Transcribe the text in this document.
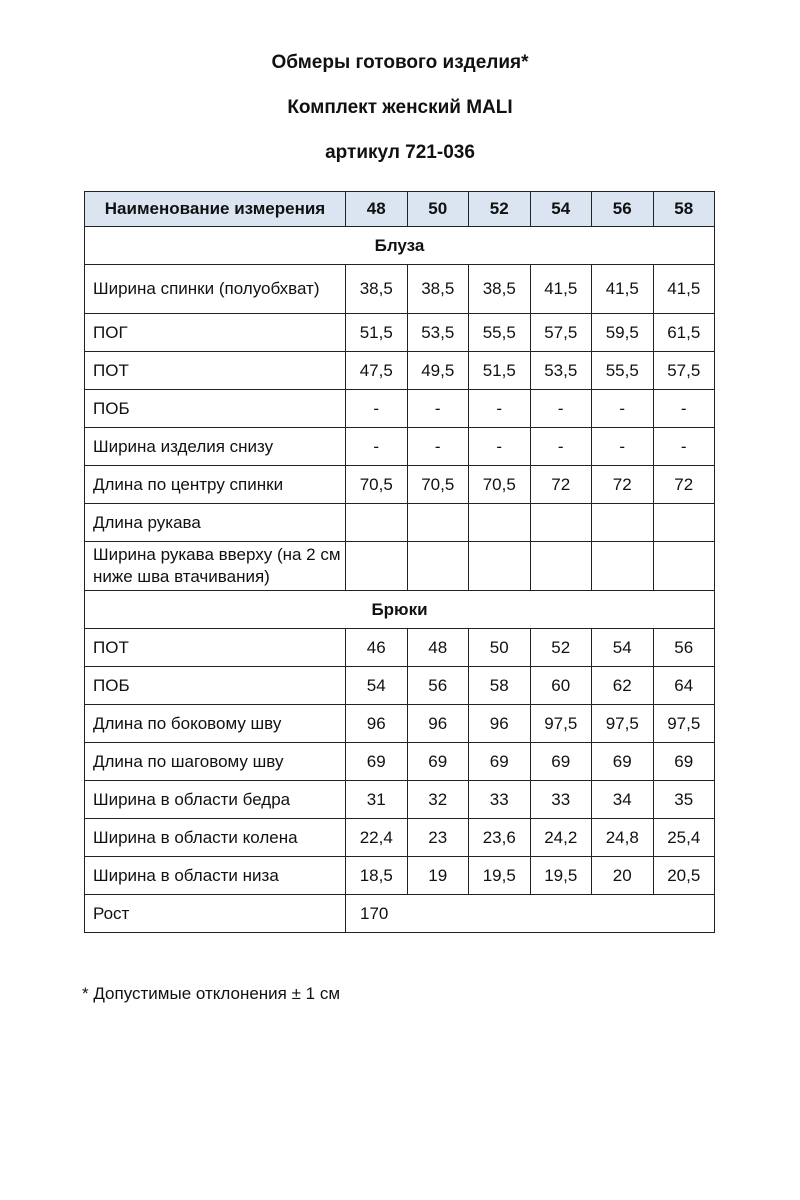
Обмеры готового изделия*
Комплект женский MALI
артикул 721-036
Наименование измерения	48	50	52	54	56	58
Блуза						
Ширина спинки (полуобхват)	38,5	38,5	38,5	41,5	41,5	41,5
ПОГ	51,5	53,5	55,5	57,5	59,5	61,5
ПОТ	47,5	49,5	51,5	53,5	55,5	57,5
ПОБ	-	-	-	-	-	-
Ширина изделия снизу	-	-	-	-	-	-
Длина по центру спинки	70,5	70,5	70,5	72	72	72
Длина рукава						
Ширина рукава вверху (на 2 см ниже шва втачивания)						
Брюки						
ПОТ	46	48	50	52	54	56
ПОБ	54	56	58	60	62	64
Длина по боковому шву	96	96	96	97,5	97,5	97,5
Длина по шаговому шву	69	69	69	69	69	69
Ширина в области бедра	31	32	33	33	34	35
Ширина в области колена	22,4	23	23,6	24,2	24,8	25,4
Ширина в области низа	18,5	19	19,5	19,5	20	20,5
Рост	170					
* Допустимые отклонения ± 1 см
